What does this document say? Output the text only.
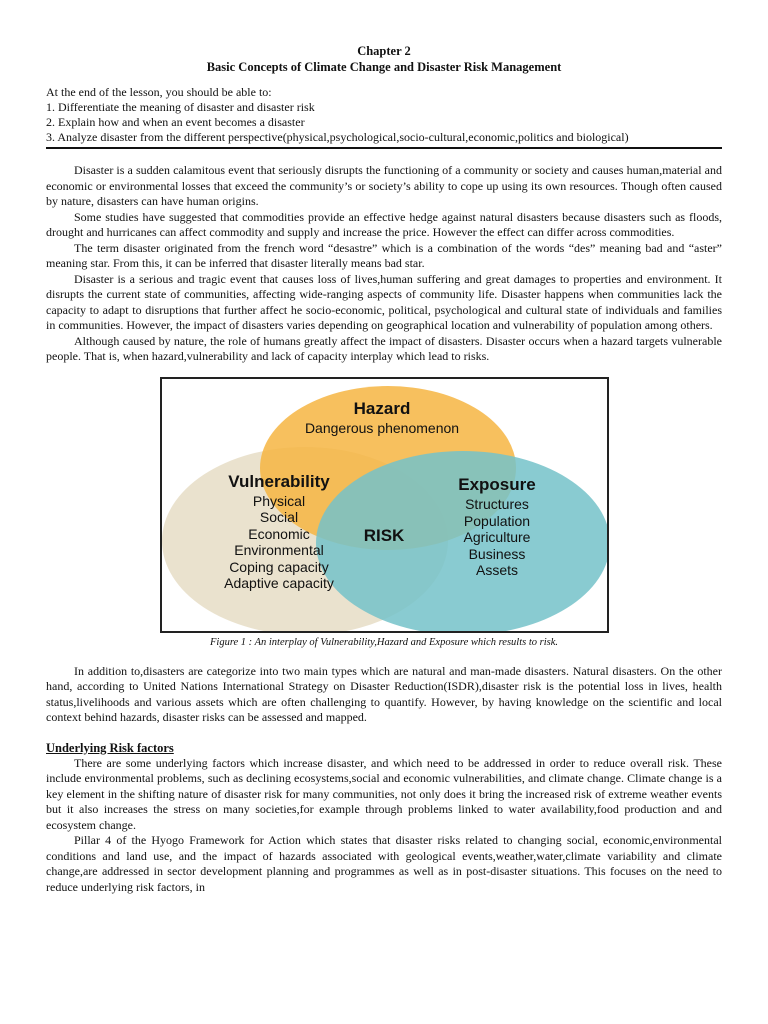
Chapter 2
Basic Concepts of Climate Change and Disaster Risk Management
At the end of the lesson, you should be able to:
1. Differentiate the meaning of disaster and disaster risk
2. Explain how and when an event becomes a disaster
3. Analyze disaster from the different perspective(physical,psychological,socio-cultural,economic,politics and biological)

Disaster is a sudden calamitous event that seriously disrupts the functioning of a community or society and causes human,material and economic or environmental losses that exceed the community’s or society’s ability to cope up using its own resources. Though often caused by nature, disasters can have human origins.

Some studies have suggested that commodities provide an effective hedge against natural disasters because disasters such as floods, drought and hurricanes can affect commodity and supply and increase the price. However the effect can differ across commodities.

The term disaster originated from the french word “desastre” which is a combination of the words “des” meaning bad and “aster” meaning star. From this, it can be inferred that disaster literally means bad star.

Disaster is a serious and tragic event that causes loss of lives,human suffering and great damages to properties and environment. It disrupts the current state of communities, affecting wide-ranging aspects of community life. Disaster happens when communities lack the capacity to adapt to disruptions that further affect he socio-economic, political, psychological and cultural state of individuals and families in communities. However, the impact of disasters varies depending on geographical location and vulnerability of population among others.

Although caused by nature, the role of humans greatly affect the impact of disasters. Disaster occurs when a hazard targets vulnerable people. That is, when hazard,vulnerability and lack of capacity interplay which lead to risks.

Hazard
Dangerous phenomenon
Vulnerability
Physical
Social
Economic
Environmental
Coping capacity
Adaptive capacity
RISK
Exposure
Structures
Population
Agriculture
Business
Assets
Figure 1 : An interplay of Vulnerability,Hazard and Exposure which results to risk.

In addition to,disasters are categorize into two main types which are natural and man-made disasters. Natural disasters. On the other hand, according to United Nations International Strategy on Disaster Reduction(ISDR),disaster risk is the potential loss in lives, health status,livelihoods and various assets which are often challenging to quantify. However, by having knowledge on the scientific and local context behind hazards, disaster risks can be assessed and mapped.

Underlying Risk factors

There are some underlying factors which increase disaster, and which need to be addressed in order to reduce overall risk. These include environmental problems, such as declining ecosystems,social and economic vulnerabilities, and climate change. Climate change is a key element in the shifting nature of disaster risk for many communities, not only does it bring the increased risk of extreme weather events but it also increases the stress on many societies,for example through problems linked to water availability,food production and and ecosystem change.

Pillar 4 of the Hyogo Framework for Action which states that disaster risks related to changing social, economic,environmental conditions and land use, and the impact of hazards associated with geological events,weather,water,climate variability and climate change,are addressed in sector development planning and programmes as well as in post-disaster situations. This focuses on the need to reduce underlying risk factors, in
